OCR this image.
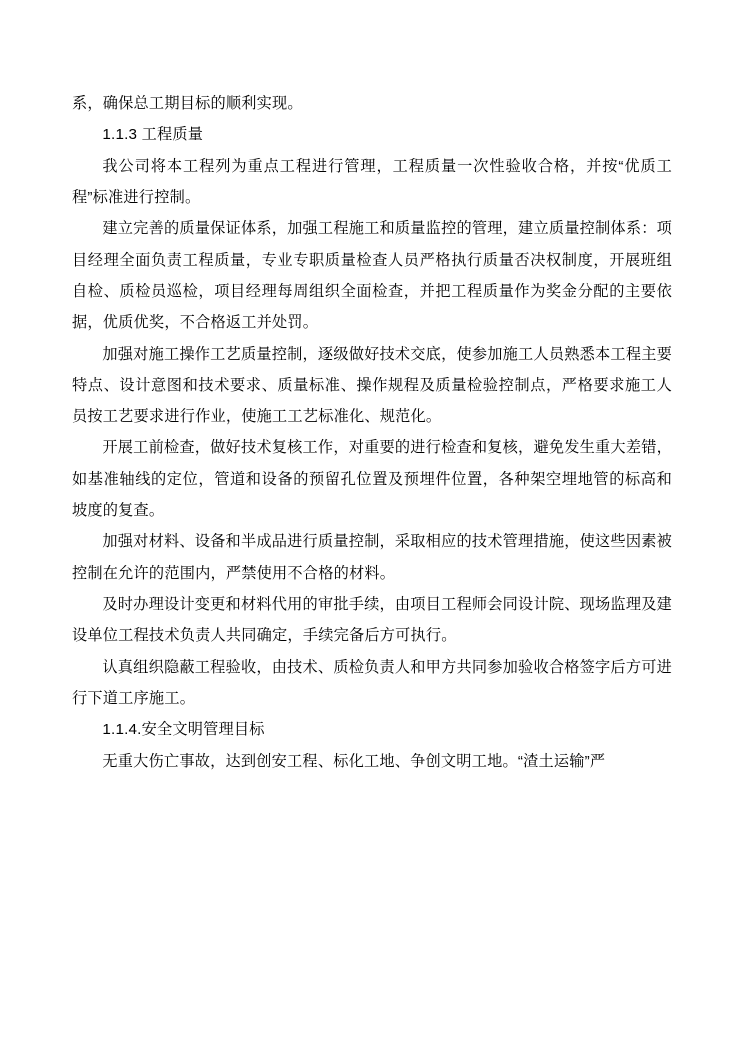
系，确保总工期目标的顺利实现。

1.1.3 工程质量

我公司将本工程列为重点工程进行管理，工程质量一次性验收合格，并按“优质工程”标准进行控制。

建立完善的质量保证体系，加强工程施工和质量监控的管理，建立质量控制体系：项目经理全面负责工程质量，专业专职质量检查人员严格执行质量否决权制度，开展班组自检、质检员巡检，项目经理每周组织全面检查，并把工程质量作为奖金分配的主要依据，优质优奖，不合格返工并处罚。

加强对施工操作工艺质量控制，逐级做好技术交底，使参加施工人员熟悉本工程主要特点、设计意图和技术要求、质量标准、操作规程及质量检验控制点，严格要求施工人员按工艺要求进行作业，使施工工艺标准化、规范化。

开展工前检查，做好技术复核工作，对重要的进行检查和复核，避免发生重大差错，如基准轴线的定位，管道和设备的预留孔位置及预埋件位置，各种架空埋地管的标高和坡度的复查。

加强对材料、设备和半成品进行质量控制，采取相应的技术管理措施，使这些因素被控制在允许的范围内，严禁使用不合格的材料。

及时办理设计变更和材料代用的审批手续，由项目工程师会同设计院、现场监理及建设单位工程技术负责人共同确定，手续完备后方可执行。

认真组织隐蔽工程验收，由技术、质检负责人和甲方共同参加验收合格签字后方可进行下道工序施工。

1.1.4.安全文明管理目标

无重大伤亡事故，达到创安工程、标化工地、争创文明工地。“渣土运输”严
